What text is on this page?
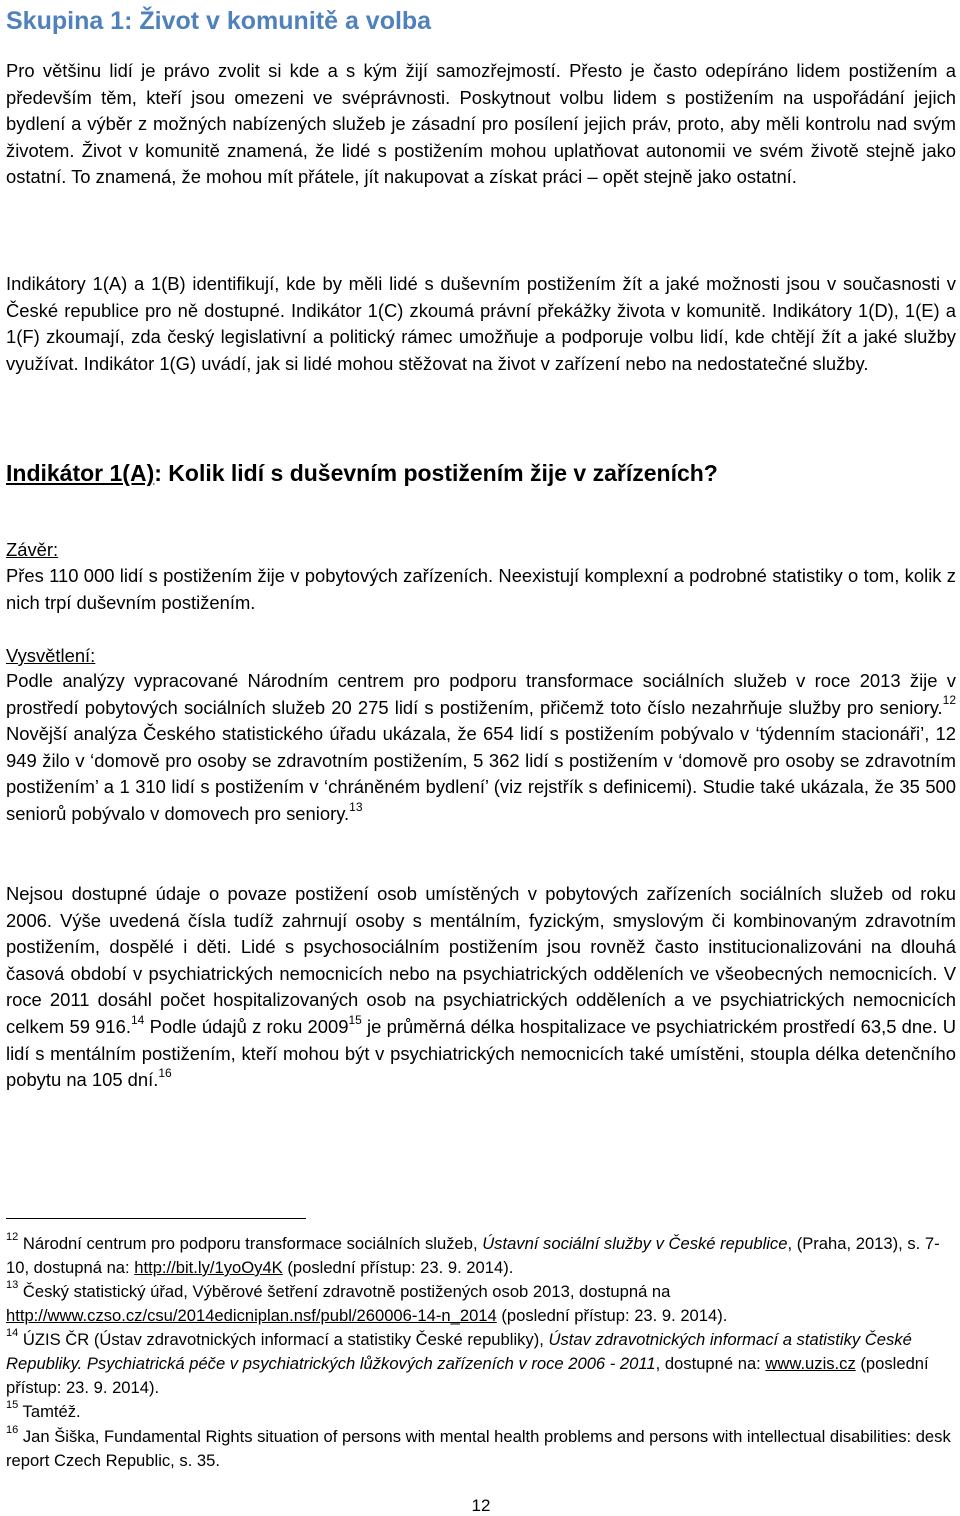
Skupina 1: Život v komunitě a volba

Pro většinu lidí je právo zvolit si kde a s kým žijí samozřejmostí. Přesto je často odepíráno lidem postižením a především těm, kteří jsou omezeni ve svéprávnosti. Poskytnout volbu lidem s postižením na uspořádání jejich bydlení a výběr z možných nabízených služeb je zásadní pro posílení jejich práv, proto, aby měli kontrolu nad svým životem. Život v komunitě znamená, že lidé s postižením mohou uplatňovat autonomii ve svém životě stejně jako ostatní. To znamená, že mohou mít přátele, jít nakupovat a získat práci – opět stejně jako ostatní.

Indikátory 1(A) a 1(B) identifikují, kde by měli lidé s duševním postižením žít a jaké možnosti jsou v současnosti v České republice pro ně dostupné. Indikátor 1(C) zkoumá právní překážky života v komunitě. Indikátory 1(D), 1(E) a 1(F) zkoumají, zda český legislativní a politický rámec umožňuje a podporuje volbu lidí, kde chtějí žít a jaké služby využívat. Indikátor 1(G) uvádí, jak si lidé mohou stěžovat na život v zařízení nebo na nedostatečné služby.

Indikátor 1(A): Kolik lidí s duševním postižením žije v zařízeních?

Závěr:

Přes 110 000 lidí s postižením žije v pobytových zařízeních. Neexistují komplexní a podrobné statistiky o tom, kolik z nich trpí duševním postižením.

Vysvětlení:

Podle analýzy vypracované Národním centrem pro podporu transformace sociálních služeb v roce 2013 žije v prostředí pobytových sociálních služeb 20 275 lidí s postižením, přičemž toto číslo nezahrňuje služby pro seniory.$^{12}$ Novější analýza Českého statistického úřadu ukázala, že 654 lidí s postižením pobývalo v ‘týdenním stacionáři’, 12 949 žilo v ‘domově pro osoby se zdravotním postižením, 5 362 lidí s postižením v ‘domově pro osoby se zdravotním postižením’ a 1 310 lidí s postižením v ‘chráněném bydlení’ (viz rejstřík s definicemi). Studie také ukázala, že 35 500 seniorů pobývalo v domovech pro seniory.$^{13}$

Nejsou dostupné údaje o povaze postižení osob umístěných v pobytových zařízeních sociálních služeb od roku 2006. Výše uvedená čísla tudíž zahrnují osoby s mentálním, fyzickým, smyslovým či kombinovaným zdravotním postižením, dospělé i děti. Lidé s psychosociálním postižením jsou rovněž často institucionalizováni na dlouhá časová období v psychiatrických nemocnicích nebo na psychiatrických odděleních ve všeobecných nemocnicích. V roce 2011 dosáhl počet hospitalizovaných osob na psychiatrických odděleních a ve psychiatrických nemocnicích celkem 59 916.14 Podle údajů z roku 2009$^{15}$ je průměrná délka hospitalizace ve psychiatrickém prostředí 63,5 dne. U lidí s mentálním postižením, kteří mohou být v psychiatrických nemocnicích také umístěni, stoupla délka detenčního pobytu na 105 dní.$^{16}$

$^{12}$ Národní centrum pro podporu transformace sociálních služeb, Ústavní sociální služby v České republice, (Praha, 2013), s. 7-10, dostupná na: http://bit.ly/1yoOy4K (poslední přístup: 23. 9. 2014).

$^{13}$ Český statistický úřad, Výběrové šetření zdravotně postižených osob 2013, dostupná na http://www.czso.cz/csu/2014edicniplan.nsf/publ/260006-14-n_2014 (poslední přístup: 23. 9. 2014).

$^{14}$ ÚZIS ČR (Ústav zdravotnických informací a statistiky České republiky), Ústav zdravotnických informací a statistiky České Republiky. Psychiatrická péče v psychiatrických lůžkových zařízeních v roce 2006 - 2011, dostupné na: www.uzis.cz (poslední přístup: 23. 9. 2014).

$^{15}$ Tamtéž.

$^{16}$ Jan Šiška, Fundamental Rights situation of persons with mental health problems and persons with intellectual disabilities: desk report Czech Republic, s. 35.

12
